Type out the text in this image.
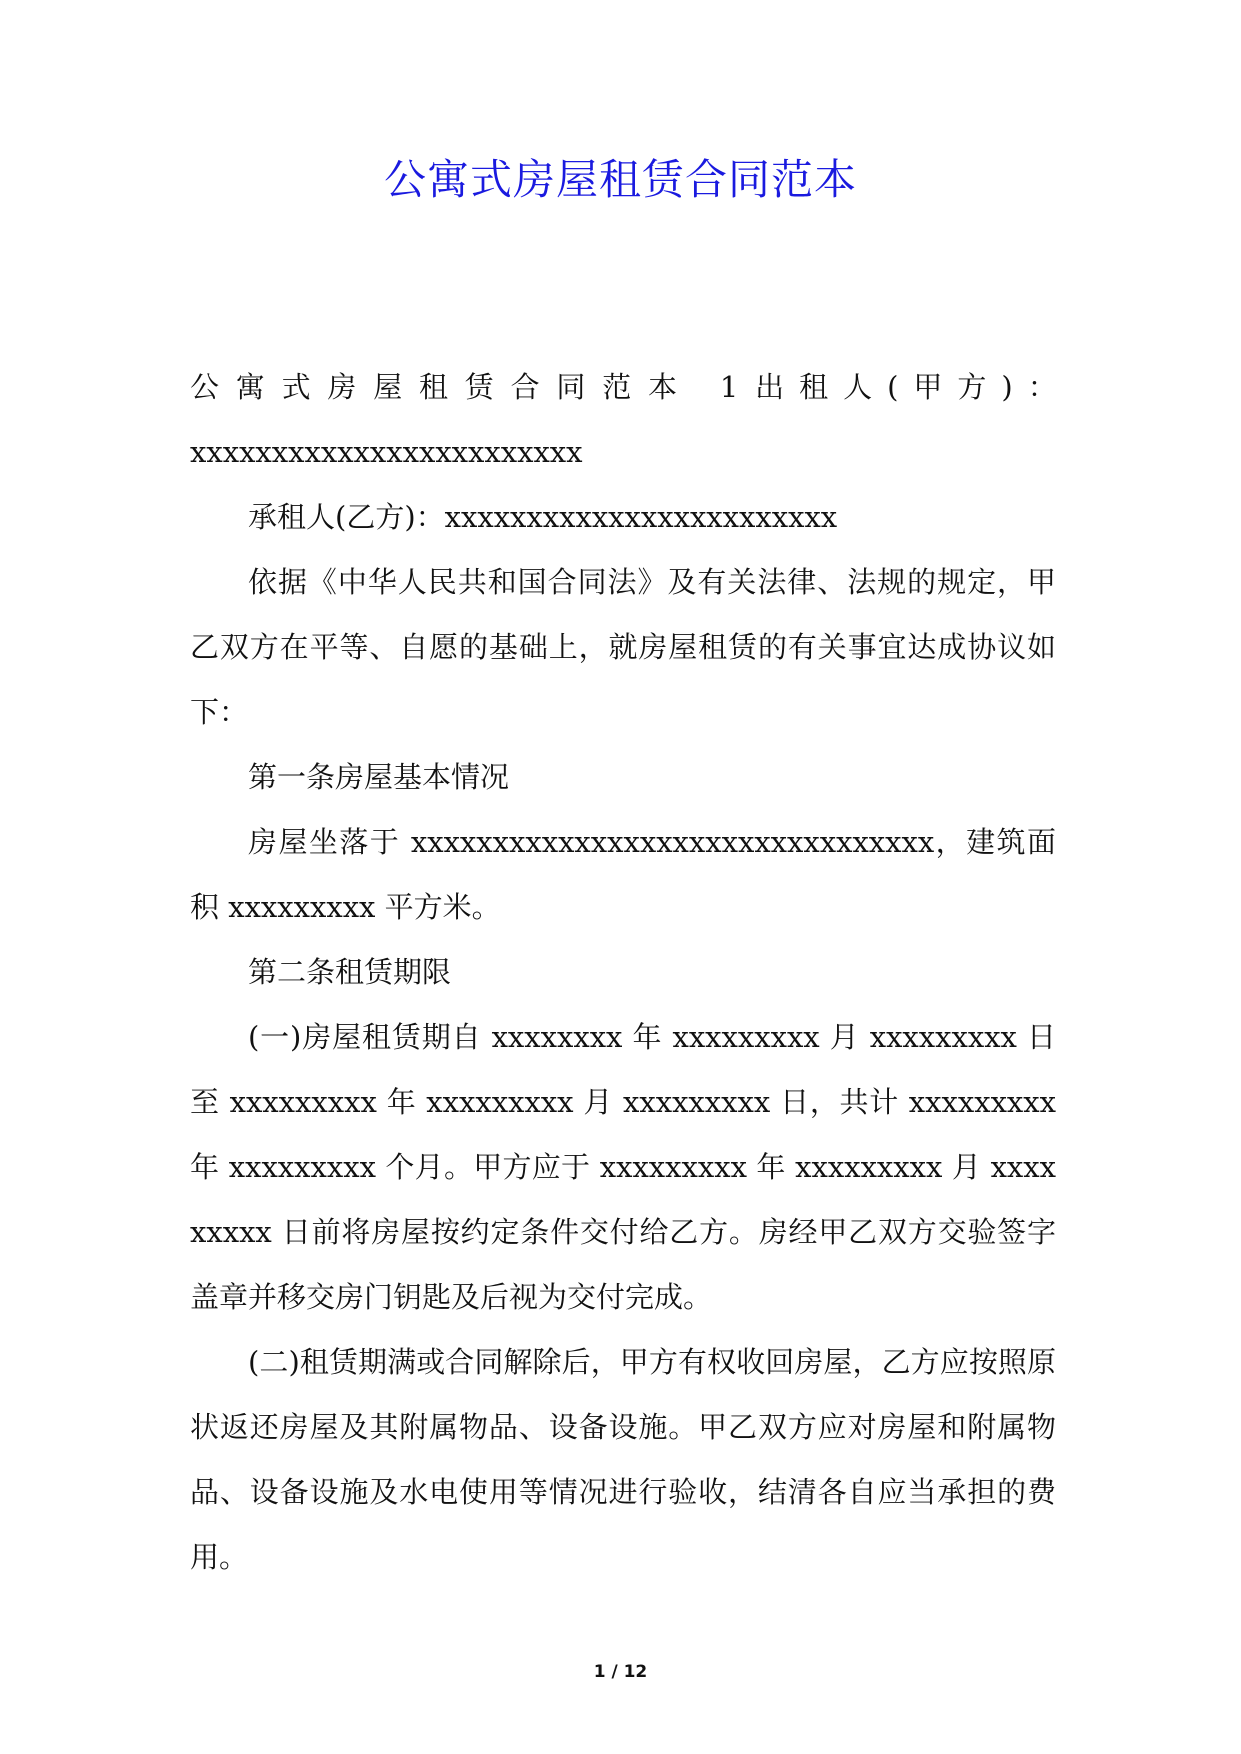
公寓式房屋租赁合同范本
公寓式房屋租赁合同范本 1 出租人(甲方)：

xxxxxxxxxxxxxxxxxxxxxxxx

承租人(乙方)：xxxxxxxxxxxxxxxxxxxxxxxx

依据《中华人民共和国合同法》及有关法律、法规的规定，甲乙双方在平等、自愿的基础上，就房屋租赁的有关事宜达成协议如下：

第一条房屋基本情况

房屋坐落于 xxxxxxxxxxxxxxxxxxxxxxxxxxxxxxxx，建筑面积 xxxxxxxxx 平方米。

第二条租赁期限

(一)房屋租赁期自 xxxxxxxx 年 xxxxxxxxx 月 xxxxxxxxx 日至 xxxxxxxxx 年 xxxxxxxxx 月 xxxxxxxxx 日，共计 xxxxxxxxx 年 xxxxxxxxx 个月。甲方应于 xxxxxxxxx 年 xxxxxxxxx 月 xxxxxxxxx 日前将房屋按约定条件交付给乙方。房经甲乙双方交验签字盖章并移交房门钥匙及后视为交付完成。

(二)租赁期满或合同解除后，甲方有权收回房屋，乙方应按照原状返还房屋及其附属物品、设备设施。甲乙双方应对房屋和附属物品、设备设施及水电使用等情况进行验收，结清各自应当承担的费用。

1 / 12
